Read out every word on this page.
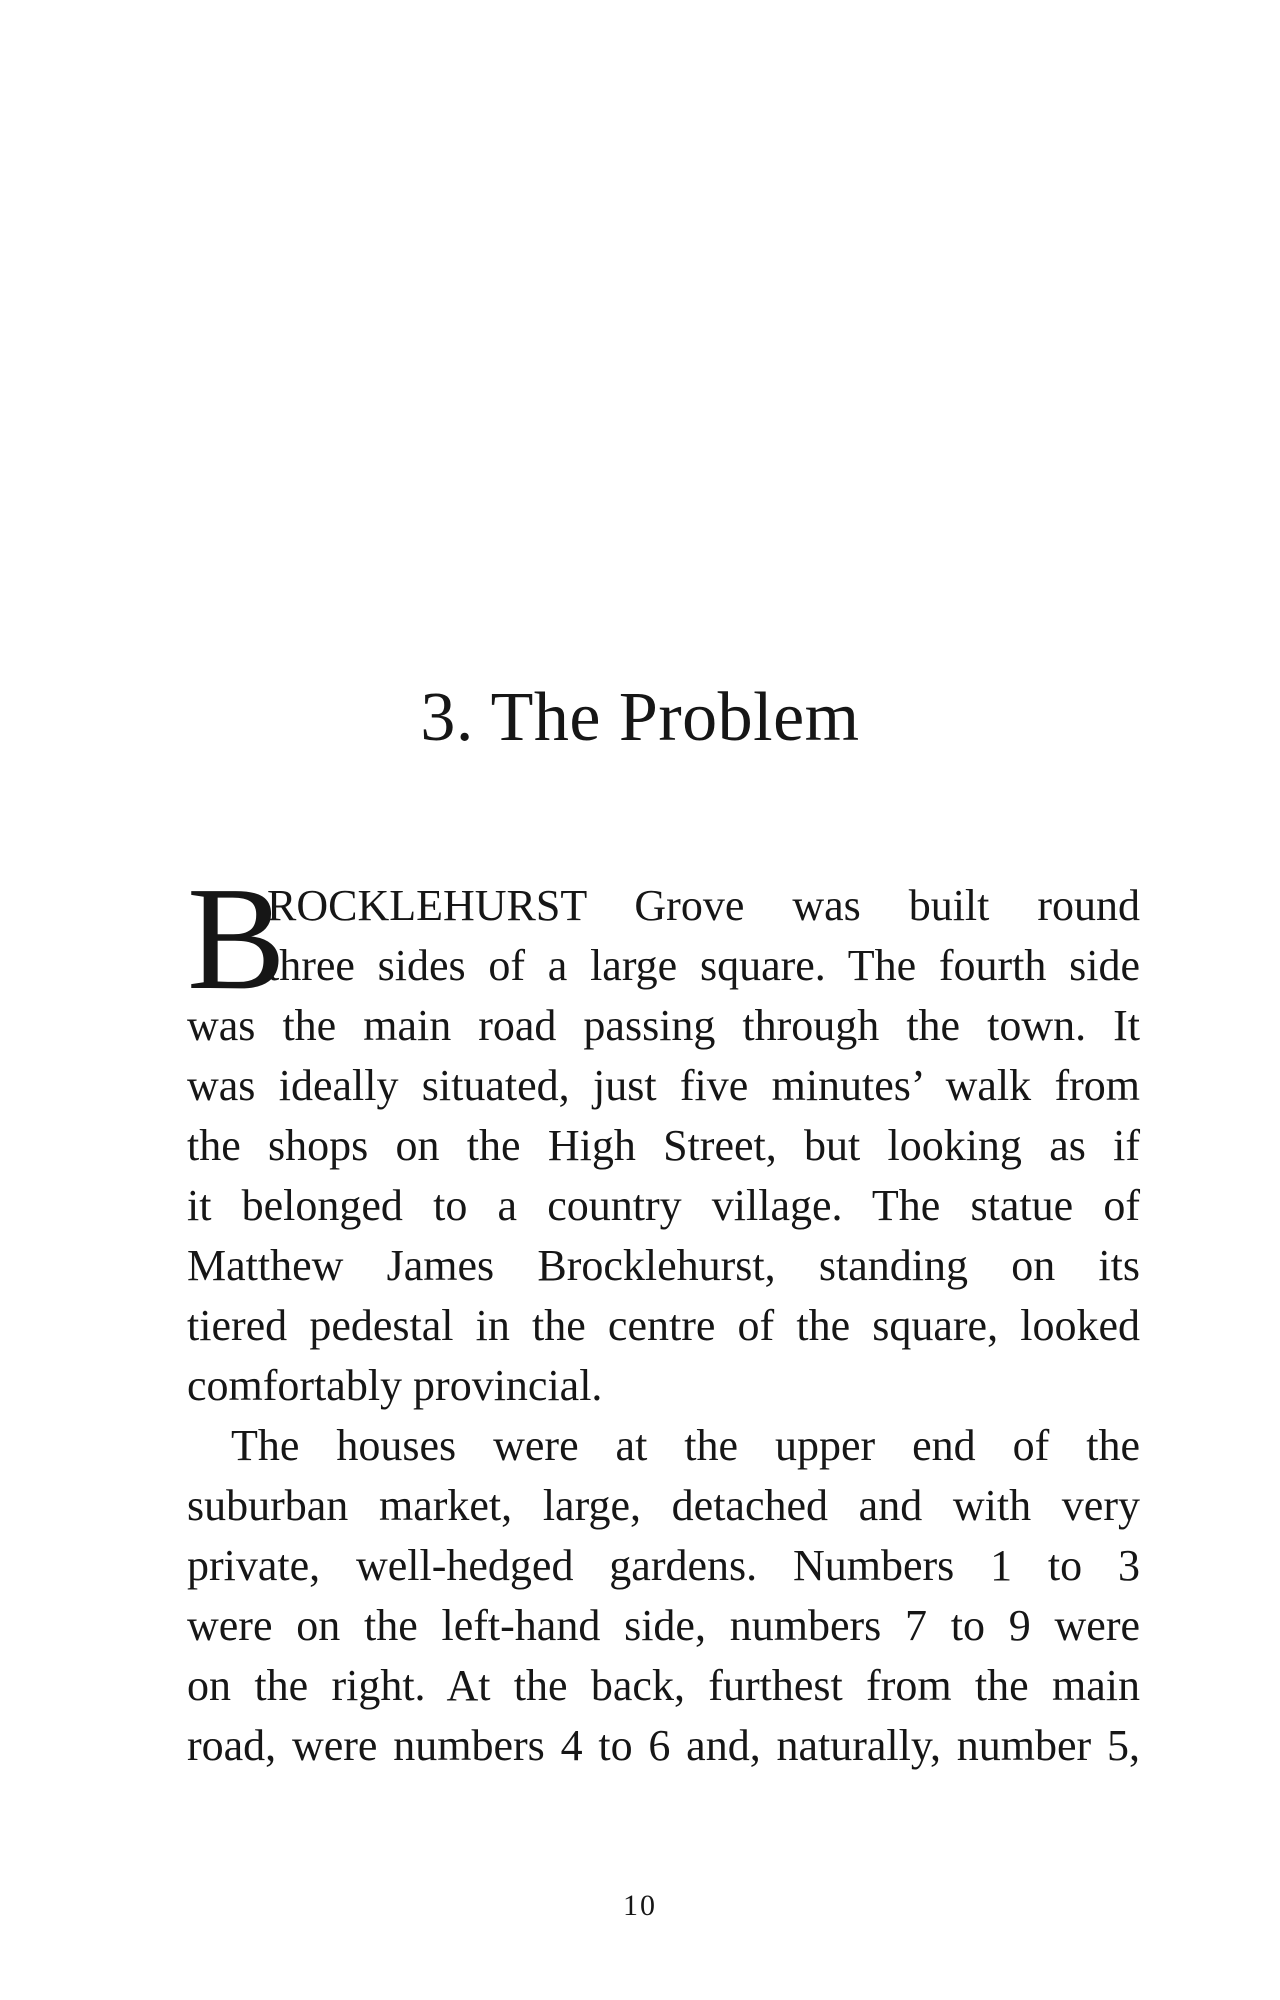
3. The Problem
B
ROCKLEHURST Grove was built round
three sides of a large square. The fourth side
was the main road passing through the town. It
was ideally situated, just five minutes’ walk from
the shops on the High Street, but looking as if
it belonged to a country village. The statue of
Matthew James Brocklehurst, standing on its
tiered pedestal in the centre of the square, looked
comfortably provincial.
The houses were at the upper end of the
suburban market, large, detached and with very
private, well-hedged gardens. Numbers 1 to 3
were on the left-hand side, numbers 7 to 9 were
on the right. At the back, furthest from the main
road, were numbers 4 to 6 and, naturally, number 5,
10
